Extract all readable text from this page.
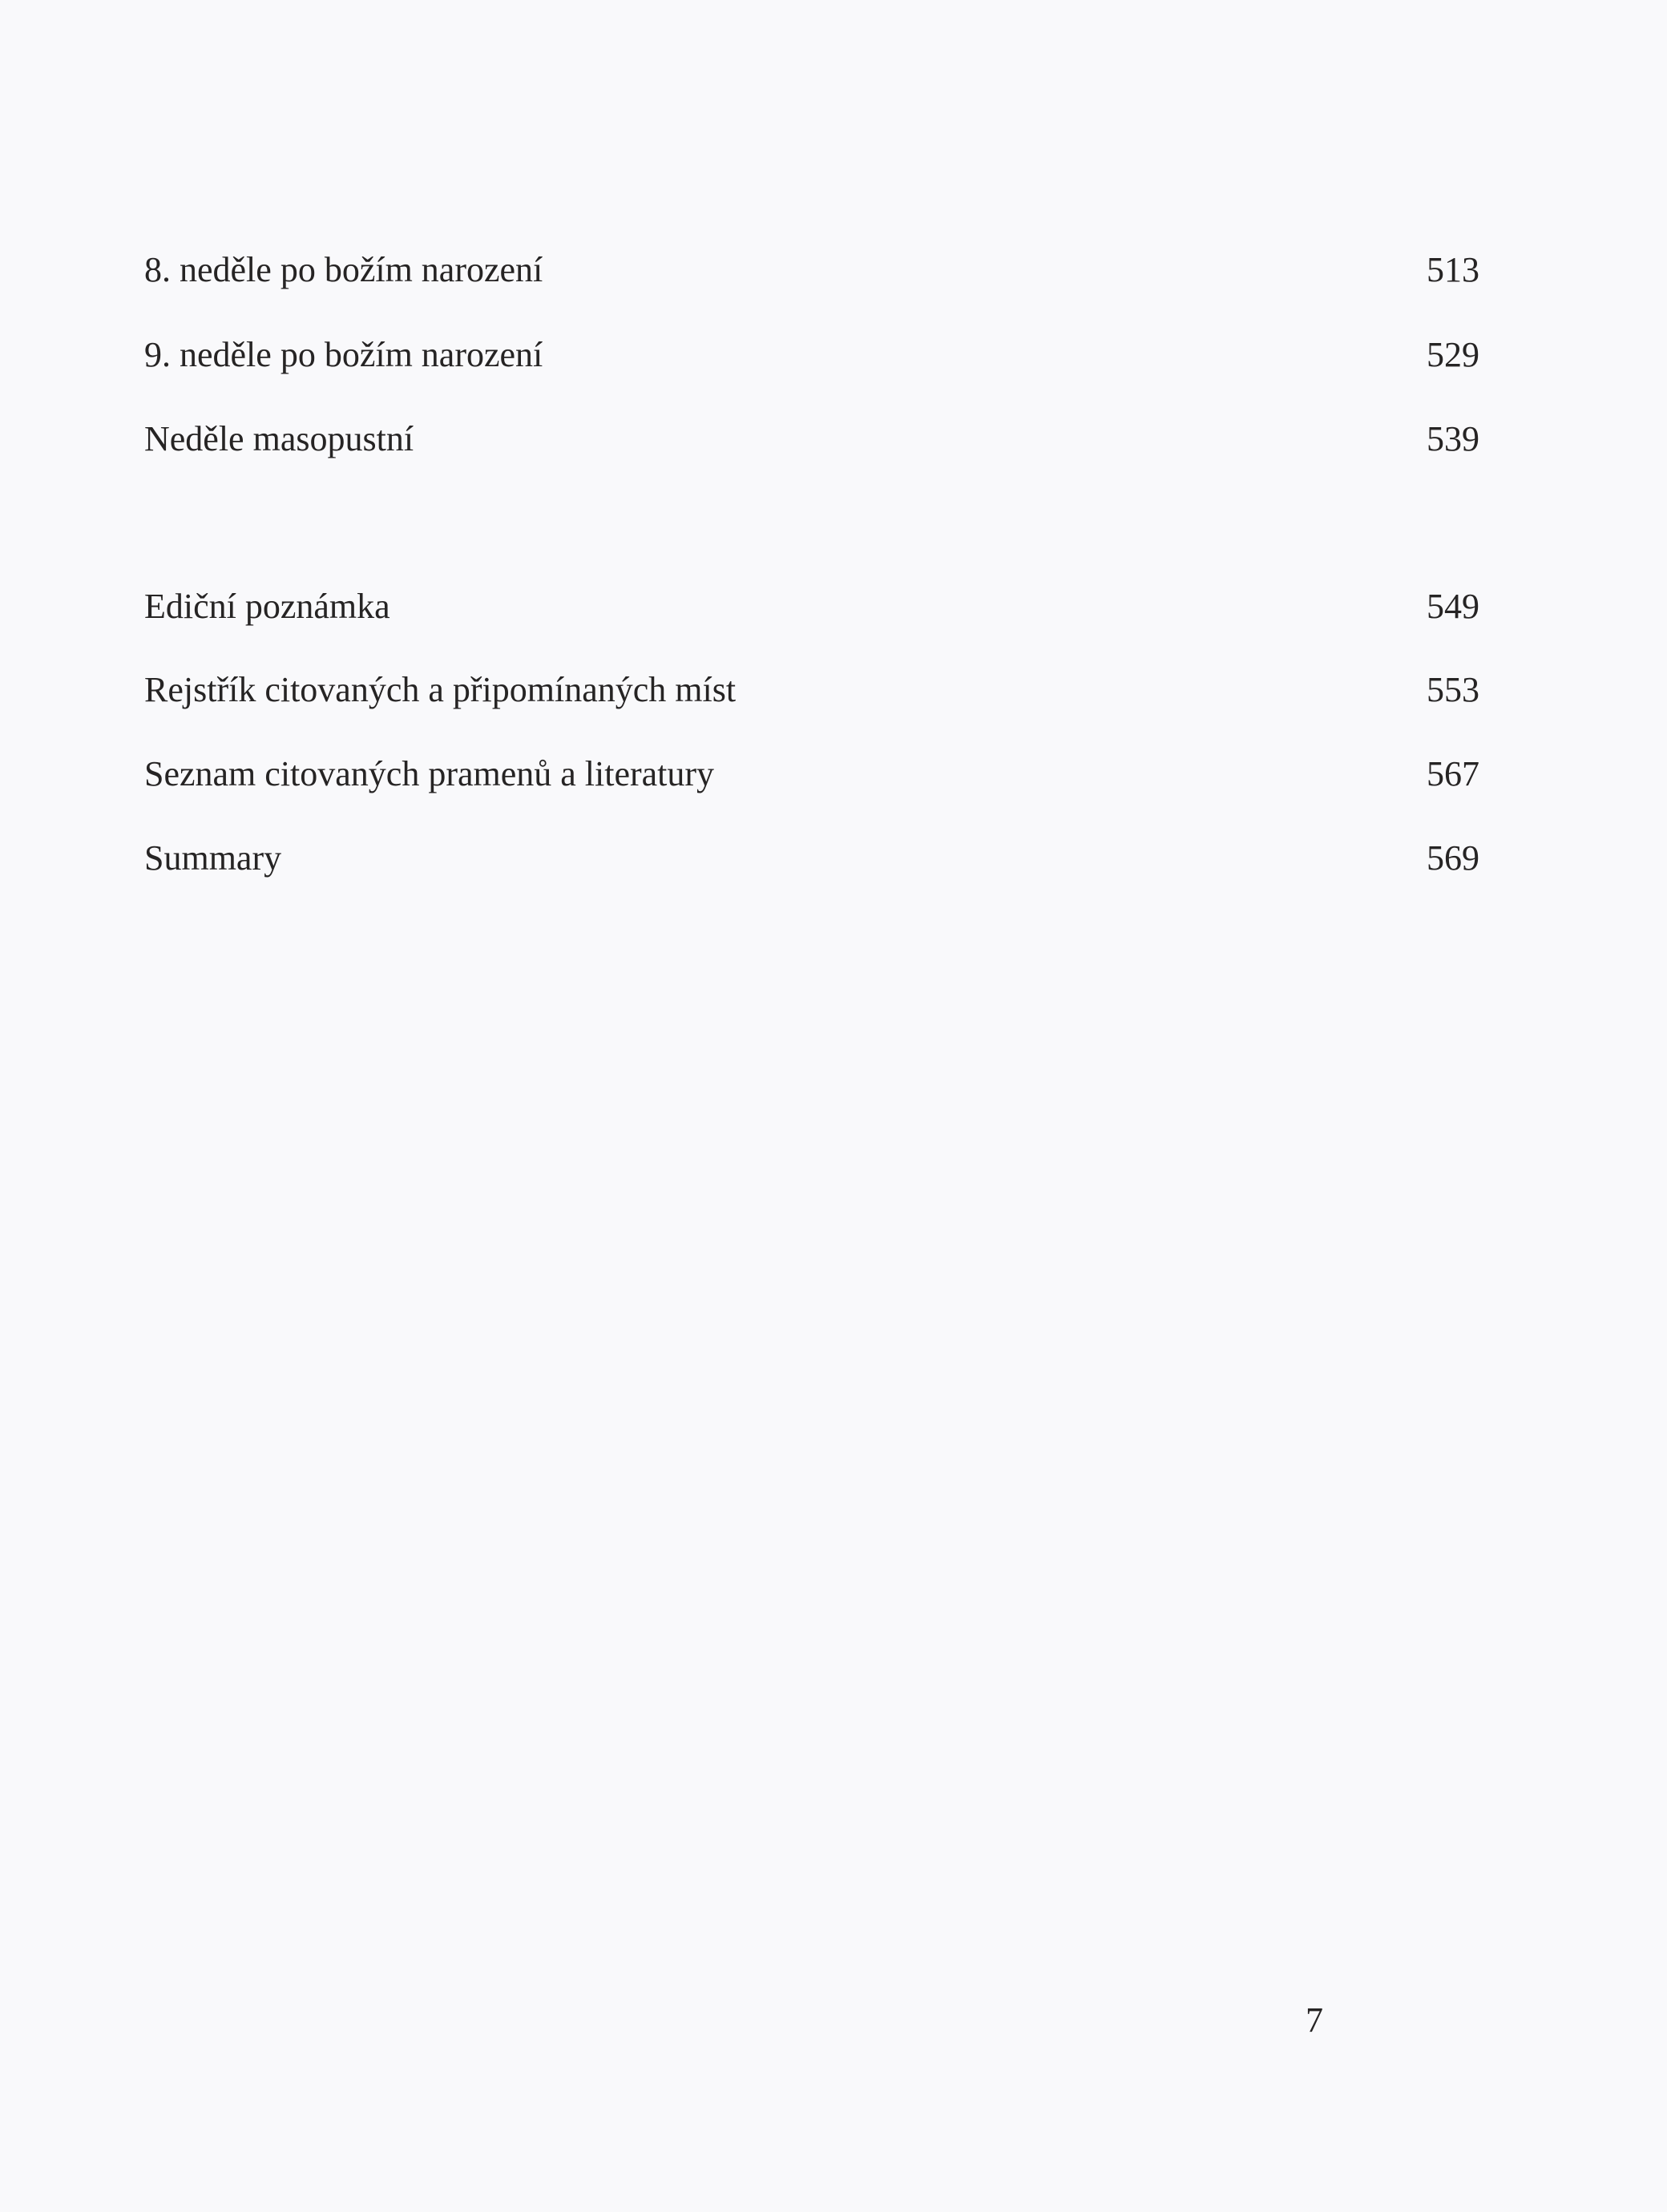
8. neděle po božím narození	513
9. neděle po božím narození	529
Neděle masopustní	539
Ediční poznámka	549
Rejstřík citovaných a připomínaných míst	553
Seznam citovaných pramenů a literatury	567
Summary	569
7
